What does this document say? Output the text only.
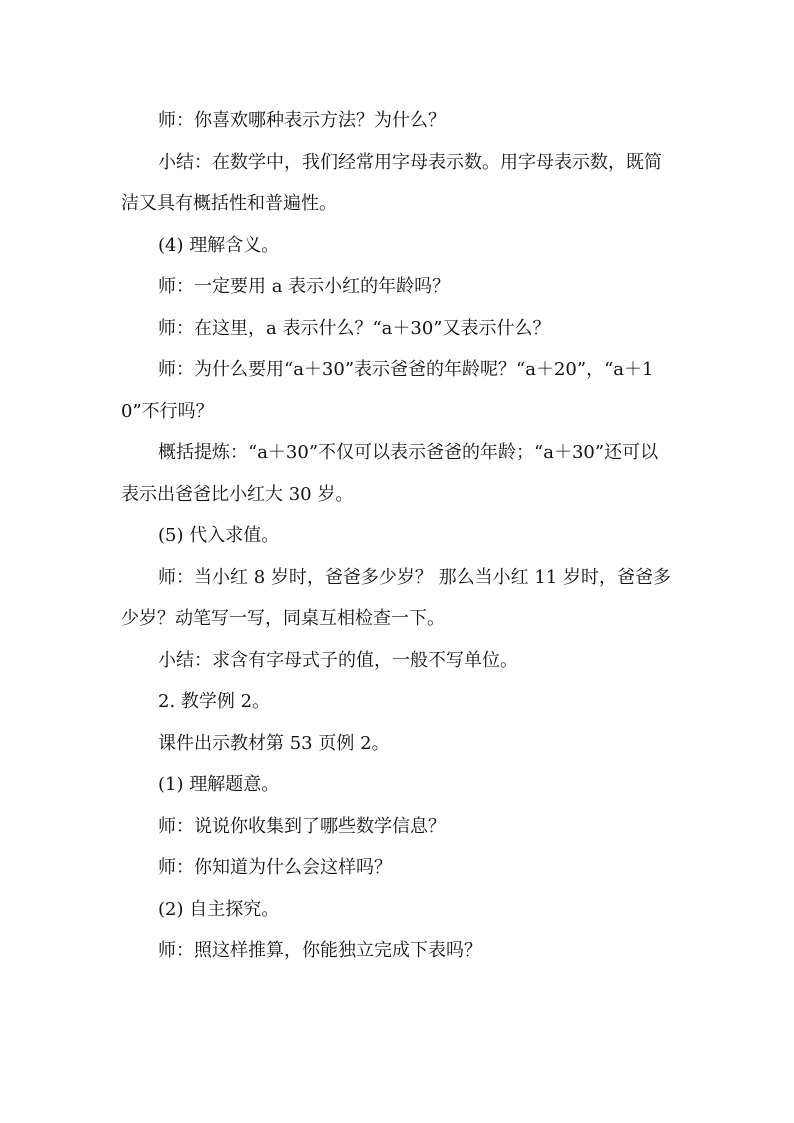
师：你喜欢哪种表示方法？为什么？

小结：在数学中，我们经常用字母表示数。用字母表示数，既简洁又具有概括性和普遍性。

(4) 理解含义。

师：一定要用 a 表示小红的年龄吗？

师：在这里，a 表示什么？“a＋30”又表示什么？

师：为什么要用“a＋30”表示爸爸的年龄呢？“a＋20”，“a＋10”不行吗？

概括提炼：“a＋30”不仅可以表示爸爸的年龄；“a＋30”还可以表示出爸爸比小红大 30 岁。

(5) 代入求值。

师：当小红 8 岁时，爸爸多少岁？ 那么当小红 11 岁时，爸爸多少岁？动笔写一写，同桌互相检查一下。

小结：求含有字母式子的值，一般不写单位。

2. 教学例 2。

课件出示教材第 53 页例 2。

(1) 理解题意。

师：说说你收集到了哪些数学信息？

师：你知道为什么会这样吗？

(2) 自主探究。

师：照这样推算，你能独立完成下表吗？
